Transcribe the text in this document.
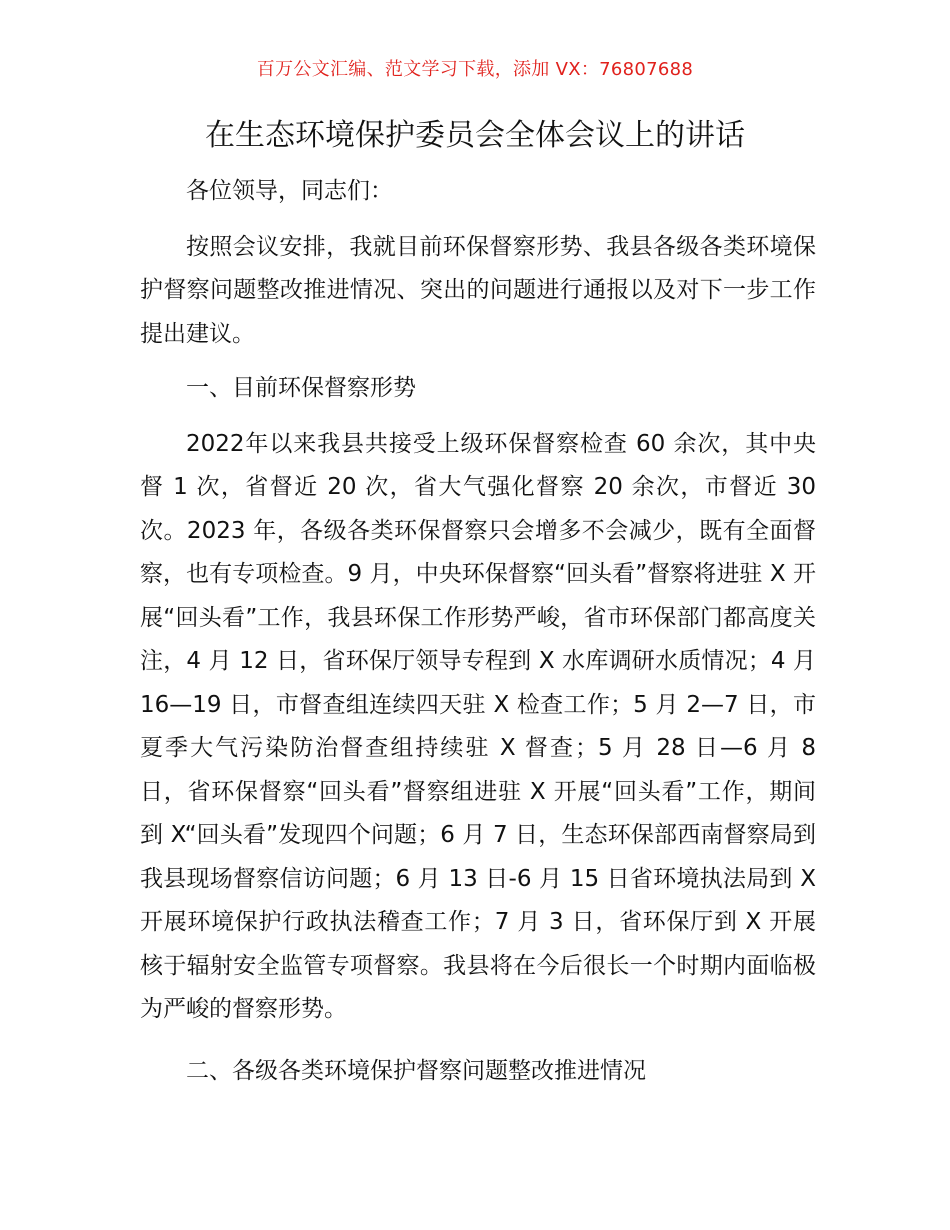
百万公文汇编、范文学习下载，添加 VX：76807688
在生态环境保护委员会全体会议上的讲话

各位领导，同志们：

按照会议安排，我就目前环保督察形势、我县各级各类环境保护督察问题整改推进情况、突出的问题进行通报以及对下一步工作提出建议。

一、目前环保督察形势

2022年以来我县共接受上级环保督察检查 60 余次，其中央督 1 次，省督近 20 次，省大气强化督察 20 余次，市督近 30 次。2023 年，各级各类环保督察只会增多不会减少，既有全面督察，也有专项检查。9 月，中央环保督察“回头看”督察将进驻 X 开展“回头看”工作，我县环保工作形势严峻，省市环保部门都高度关注，4 月 12 日，省环保厅领导专程到 X 水库调研水质情况；4 月 16—19 日，市督查组连续四天驻 X 检查工作；5 月 2—7 日，市夏季大气污染防治督查组持续驻 X 督查；5 月 28 日—6 月 8 日，省环保督察“回头看”督察组进驻 X 开展“回头看”工作，期间到 X“回头看”发现四个问题；6 月 7 日，生态环保部西南督察局到我县现场督察信访问题；6 月 13 日-6 月 15 日省环境执法局到 X 开展环境保护行政执法稽查工作；7 月 3 日，省环保厅到 X 开展核于辐射安全监管专项督察。我县将在今后很长一个时期内面临极为严峻的督察形势。

二、各级各类环境保护督察问题整改推进情况
